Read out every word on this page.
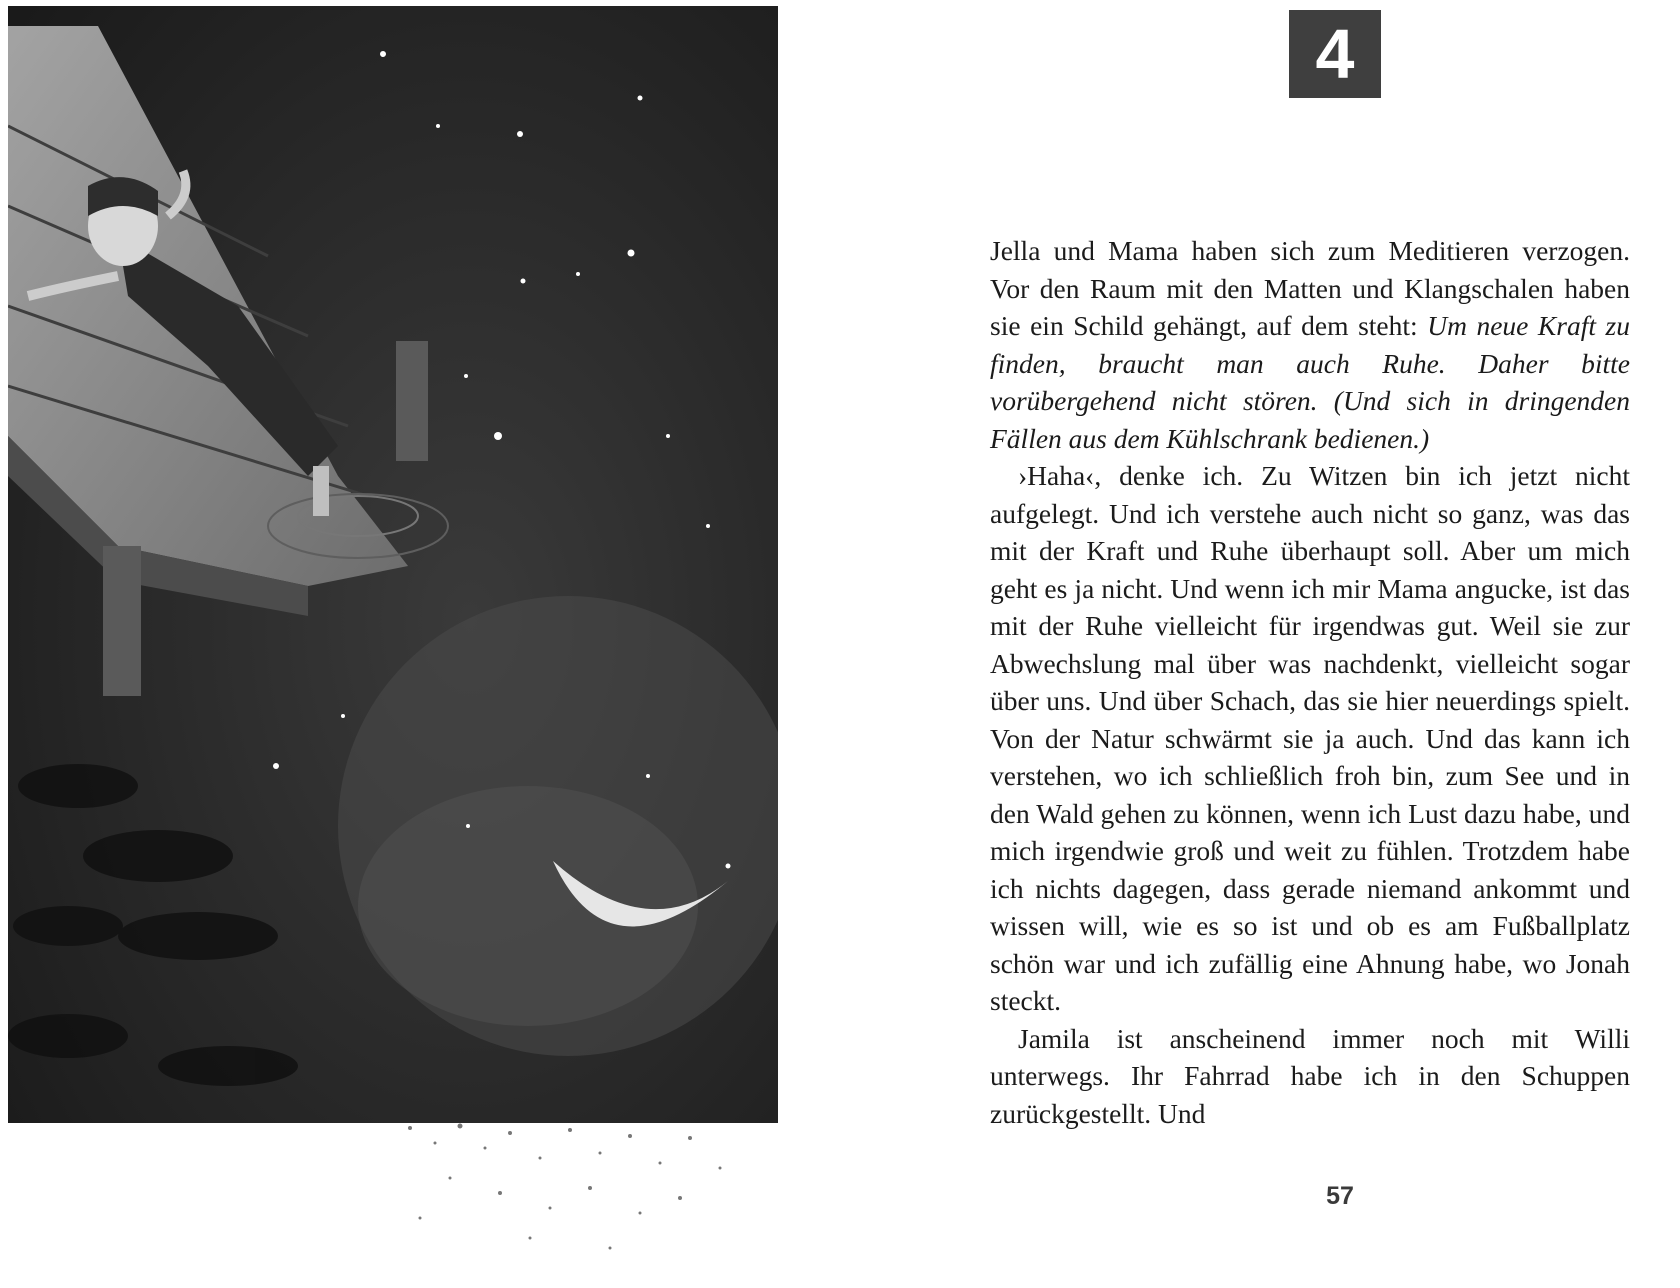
4

Jella und Mama haben sich zum Meditieren verzogen. Vor den Raum mit den Matten und Klangschalen haben sie ein Schild gehängt, auf dem steht: Um neue Kraft zu finden, braucht man auch Ruhe. Daher bitte vorübergehend nicht stören. (Und sich in dringenden Fällen aus dem Kühlschrank bedienen.)

›Haha‹, denke ich. Zu Witzen bin ich jetzt nicht aufgelegt. Und ich verstehe auch nicht so ganz, was das mit der Kraft und Ruhe überhaupt soll. Aber um mich geht es ja nicht. Und wenn ich mir Mama angucke, ist das mit der Ruhe vielleicht für irgendwas gut. Weil sie zur Abwechslung mal über was nachdenkt, vielleicht sogar über uns. Und über Schach, das sie hier neuerdings spielt. Von der Natur schwärmt sie ja auch. Und das kann ich verstehen, wo ich schließlich froh bin, zum See und in den Wald gehen zu können, wenn ich Lust dazu habe, und mich irgendwie groß und weit zu fühlen. Trotzdem habe ich nichts dagegen, dass gerade niemand ankommt und wissen will, wie es so ist und ob es am Fußballplatz schön war und ich zufällig eine Ahnung habe, wo Jonah steckt.

Jamila ist anscheinend immer noch mit Willi unterwegs. Ihr Fahrrad habe ich in den Schuppen zurückgestellt. Und

57
